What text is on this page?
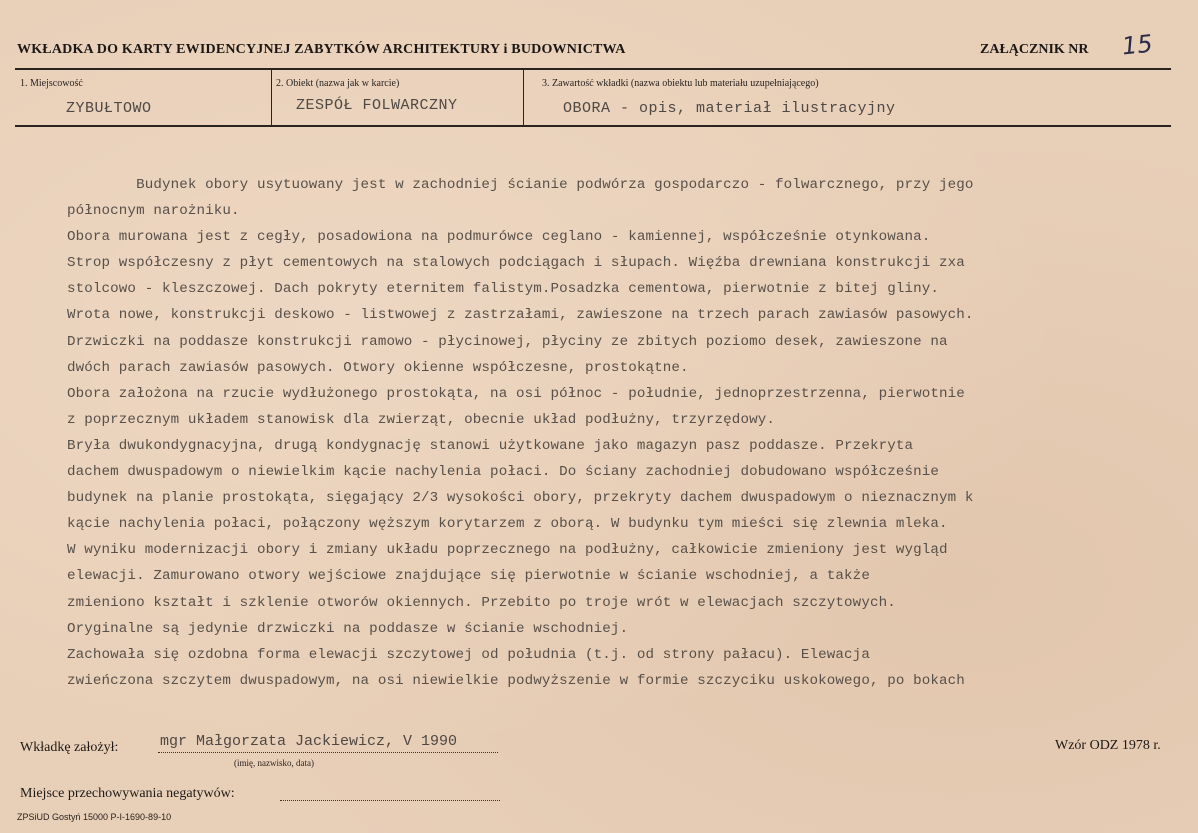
WKŁADKA DO KARTY EWIDENCYJNEJ ZABYTKÓW ARCHITEKTURY i BUDOWNICTWA	ZAŁĄCZNIK NR 15
1. Miejscowość
ZYBUŁTOWO
2. Obiekt (nazwa jak w karcie)
ZESPÓŁ FOLWARCZNY
3. Zawartość wkładki (nazwa obiektu lub materiału uzupełniającego)
OBORA - opis, materiał ilustracyjny
Budynek obory usytuowany jest w zachodniej ścianie podwórza gospodarczo - folwarcznego, przy jego
północnym narożniku.
Obora murowana jest z cegły, posadowiona na podmurówce ceglano - kamiennej, współcześnie otynkowana.
Strop współczesny z płyt cementowych na stalowych podciągach i słupach. Więźba drewniana konstrukcji zxa
stolcowo - kleszczowej. Dach pokryty eternitem falistym.Posadzka cementowa, pierwotnie z bitej gliny.
Wrota nowe, konstrukcji deskowo - listwowej z zastrzałami, zawieszone na trzech parach zawiasów pasowych.
Drzwiczki na poddasze konstrukcji ramowo - płycinowej, płyciny ze zbitych poziomo desek, zawieszone na
dwóch parach zawiasów pasowych. Otwory okienne współczesne, prostokątne.
Obora założona na rzucie wydłużonego prostokąta, na osi północ - południe, jednoprzestrzenna, pierwotnie
z poprzecznym układem stanowisk dla zwierząt, obecnie układ podłużny, trzyrzędowy.
Bryła dwukondygnacyjna, drugą kondygnację stanowi użytkowane jako magazyn pasz poddasze. Przekryta
dachem dwuspadowym o niewielkim kącie nachylenia połaci. Do ściany zachodniej dobudowano współcześnie
budynek na planie prostokąta, sięgający 2/3 wysokości obory, przekryty dachem dwuspadowym o nieznacznym k
kącie nachylenia połaci, połączony węższym korytarzem z oborą. W budynku tym mieści się zlewnia mleka.
W wyniku modernizacji obory i zmiany układu poprzecznego na podłużny, całkowicie zmieniony jest wygląd
elewacji. Zamurowano otwory wejściowe znajdujące się pierwotnie w ścianie wschodniej, a także
zmieniono kształt i szklenie otworów okiennych. Przebito po troje wrót w elewacjach szczytowych.
Oryginalne są jedynie drzwiczki na poddasze w ścianie wschodniej.
Zachowała się ozdobna forma elewacji szczytowej od południa (t.j. od strony pałacu). Elewacja
zwieńczona szczytem dwuspadowym, na osi niewielkie podwyższenie w formie szczyciku uskokowego, po bokach
Wkładkę założył:	mgr Małgorzata Jackiewicz, V 1990
(imię, nazwisko, data)
Wzór ODZ 1978 r.
Miejsce przechowywania negatywów:
ZPSiUD Gostyń 15000 P-I-1690-89-10
